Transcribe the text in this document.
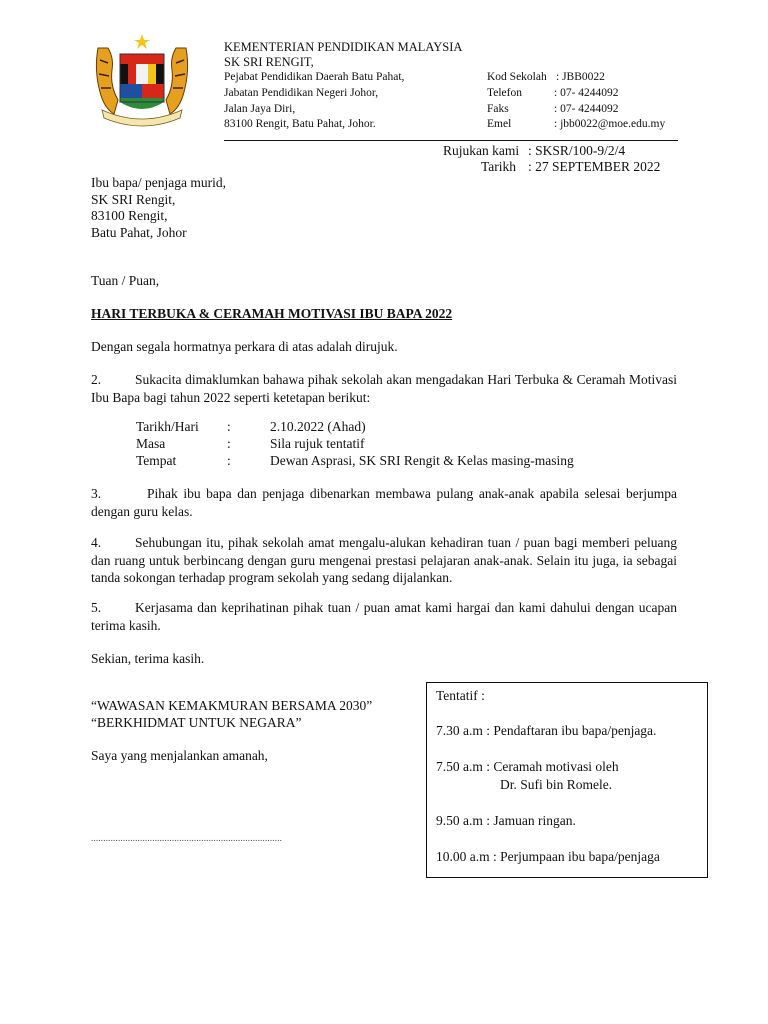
KEMENTERIAN PENDIDIKAN MALAYSIA
SK SRI RENGIT,
Pejabat Pendidikan Daerah Batu Pahat,
Jabatan Pendidikan Negeri Johor,
Jalan Jaya Diri,
83100 Rengit, Batu Pahat, Johor.
Kod Sekolah : JBB0022
Telefon	: 07- 4244092
Faks	: 07- 4244092
Emel	: jbb0022@moe.edu.my
Rujukan kami : SKSR/100-9/2/4
Tarikh : 27 SEPTEMBER 2022
Ibu bapa/ penjaga murid,
SK SRI Rengit,
83100 Rengit,
Batu Pahat, Johor
Tuan / Puan,
HARI TERBUKA & CERAMAH MOTIVASI IBU BAPA 2022
Dengan segala hormatnya perkara di atas adalah dirujuk.
2.	Sukacita dimaklumkan bahawa pihak sekolah akan mengadakan Hari Terbuka & Ceramah Motivasi Ibu Bapa bagi tahun 2022 seperti ketetapan berikut:
Tarikh/Hari :	2.10.2022 (Ahad)
Masa	:	Sila rujuk tentatif
Tempat	:	Dewan Asprasi, SK SRI Rengit & Kelas masing-masing
3.	Pihak ibu bapa dan penjaga dibenarkan membawa pulang anak-anak apabila selesai berjumpa dengan guru kelas.
4.	Sehubungan itu, pihak sekolah amat mengalu-alukan kehadiran tuan / puan bagi memberi peluang dan ruang untuk berbincang dengan guru mengenai prestasi pelajaran anak-anak. Selain itu juga, ia sebagai tanda sokongan terhadap program sekolah yang sedang dijalankan.
5.	Kerjasama dan keprihatinan pihak tuan / puan amat kami hargai dan kami dahului dengan ucapan terima kasih.
Sekian, terima kasih.
“WAWASAN KEMAKMURAN BERSAMA 2030”
“BERKHIDMAT UNTUK NEGARA”
Saya yang menjalankan amanah,
..............................................................................
Tentatif :
7.30 a.m : Pendaftaran ibu bapa/penjaga.
7.50 a.m : Ceramah motivasi oleh
Dr. Sufi bin Romele.
9.50 a.m : Jamuan ringan.
10.00 a.m : Perjumpaan ibu bapa/penjaga
